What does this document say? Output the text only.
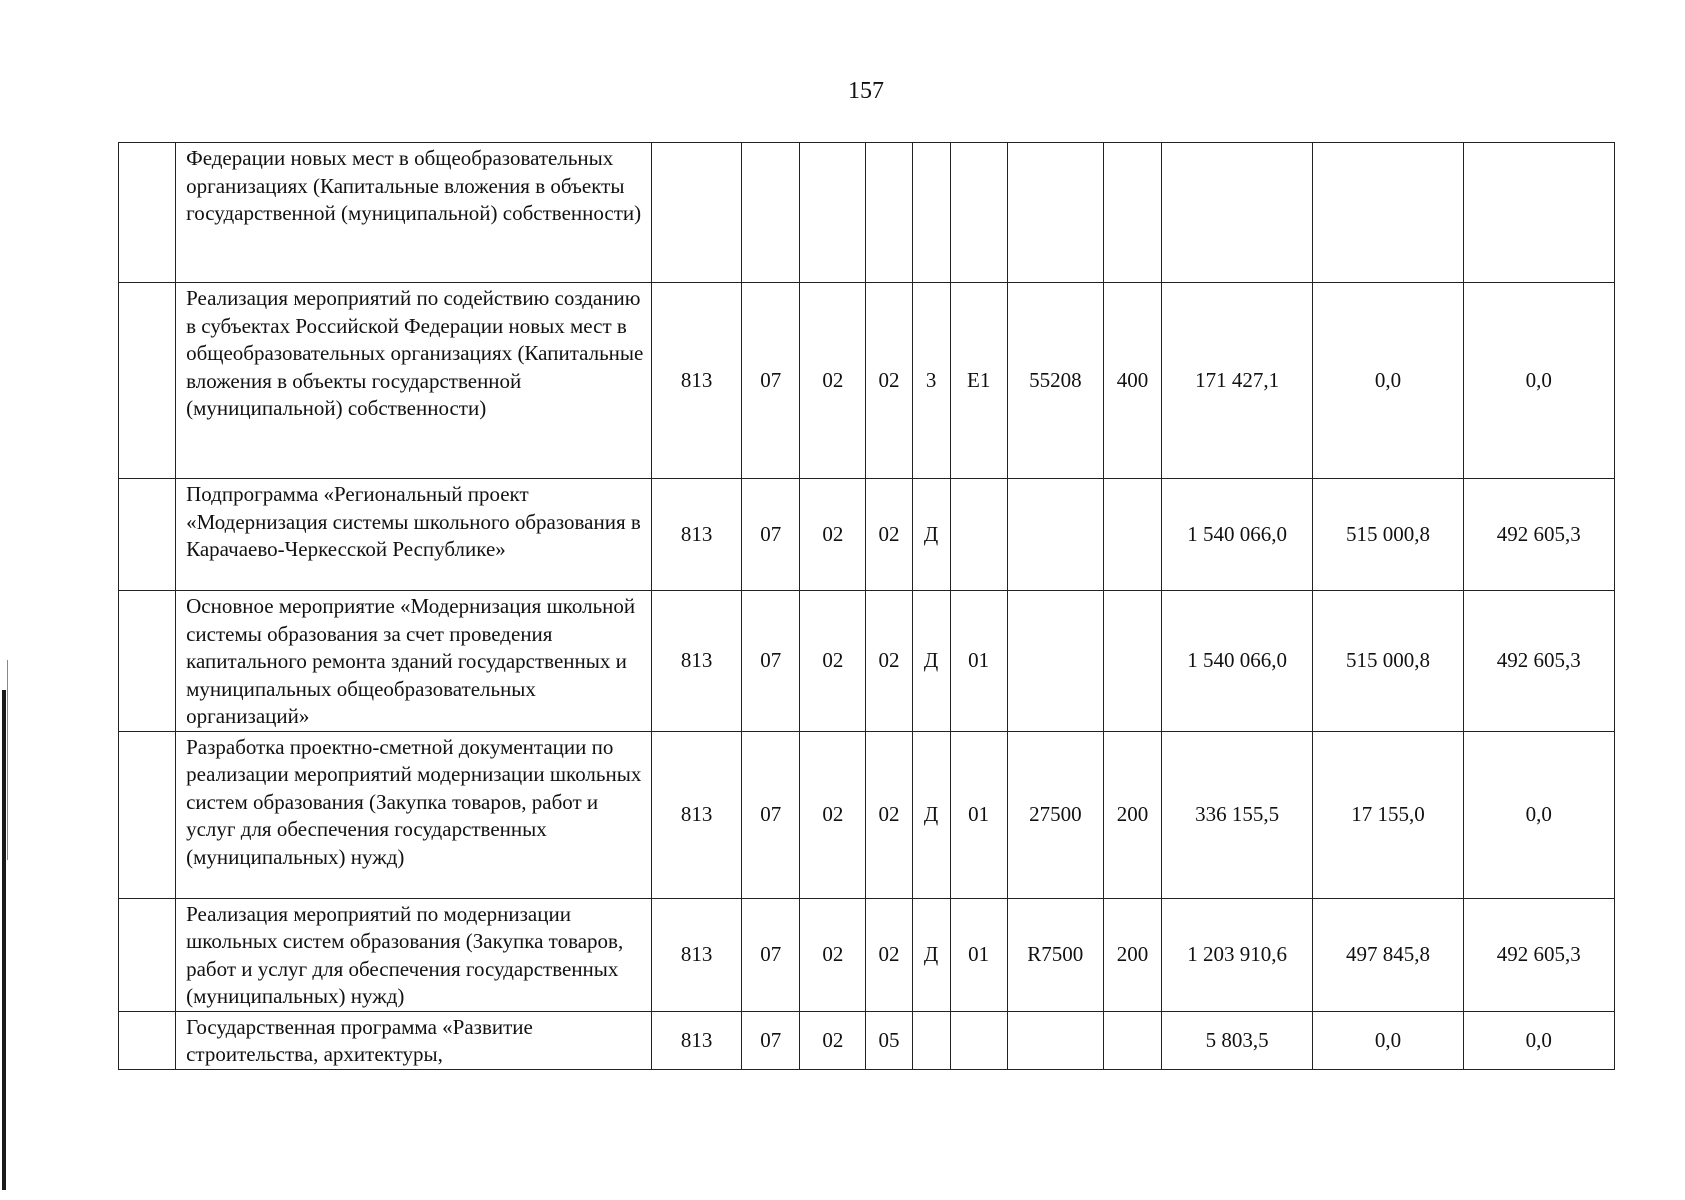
157
	Федерации новых мест в общеобразовательных организациях (Капитальные вложения в объекты государственной (муниципальной) собственности)											
	Реализация мероприятий по содействию созданию в субъектах Российской Федерации новых мест в общеобразовательных организациях (Капитальные вложения в объекты государственной (муниципальной) собственности)	813	07	02	02	3	Е1	55208	400	171 427,1	0,0	0,0
	Подпрограмма «Региональный проект «Модернизация системы школьного образования в Карачаево-Черкесской Республике»	813	07	02	02	Д				1 540 066,0	515 000,8	492 605,3
	Основное мероприятие «Модернизация школьной системы образования за счет проведения капитального ремонта зданий государственных и муниципальных общеобразовательных организаций»	813	07	02	02	Д	01			1 540 066,0	515 000,8	492 605,3
	Разработка проектно-сметной документации по реализации мероприятий модернизации школьных систем образования (Закупка товаров, работ и услуг для обеспечения государственных (муниципальных) нужд)	813	07	02	02	Д	01	27500	200	336 155,5	17 155,0	0,0
	Реализация мероприятий по модернизации школьных систем образования (Закупка товаров, работ и услуг для обеспечения государственных (муниципальных) нужд)	813	07	02	02	Д	01	R7500	200	1 203 910,6	497 845,8	492 605,3
	Государственная программа «Развитие строительства, архитектуры,	813	07	02	05					5 803,5	0,0	0,0
